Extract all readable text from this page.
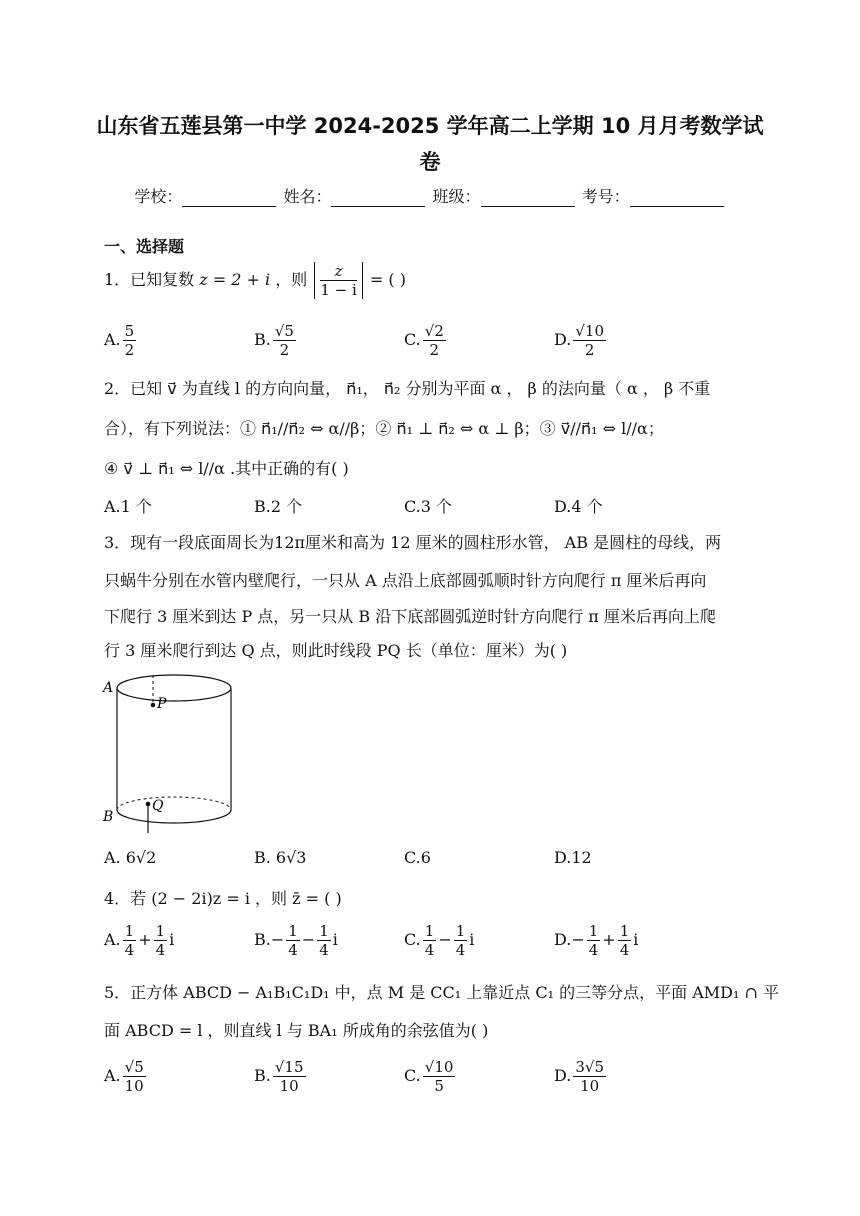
山东省五莲县第一中学 2024-2025 学年高二上学期 10 月月考数学试
卷
学校：	姓名：	班级：	考号：
一、选择题
1．已知复数 z = 2 + i ，则 $\frac{z}{1 - i}$ = ( )
A. $\frac{5}{2}$	B. $\frac{√5}{2}$	C. $\frac{√2}{2}$	D. $\frac{√10}{2}$
2．已知 v⃗ 为直线 l 的方向向量， n⃗₁， n⃗₂ 分别为平面 α ， β 的法向量（ α ， β 不重
合），有下列说法：① n⃗₁//n⃗₂ ⇔ α//β；② n⃗₁ ⊥ n⃗₂ ⇔ α ⊥ β；③ v⃗//n⃗₁ ⇔ l//α；
④ v⃗ ⊥ n⃗₁ ⇔ l//α .其中正确的有( )
A.1 个	B.2 个	C.3 个	D.4 个
3．现有一段底面周长为12π厘米和高为 12 厘米的圆柱形水管， AB 是圆柱的母线，两
只蜗牛分别在水管内壁爬行，一只从 A 点沿上底部圆弧顺时针方向爬行 π 厘米后再向
下爬行 3 厘米到达 P 点，另一只从 B 沿下底部圆弧逆时针方向爬行 π 厘米后再向上爬
行 3 厘米爬行到达 Q 点，则此时线段 PQ 长（单位：厘米）为( )
A
P
Q
B
A. 6√2	B. 6√3	C.6	D.12
4．若 (2 − 2i)z = i ，则 z̄ = ( )
A. $\frac{1}{4} + \frac{1}{4}$ i	$B.- \frac{1}{4} - \frac{1}{4}$ i	C. $\frac{1}{4} - \frac{1}{4}$ i	$D.- \frac{1}{4} + \frac{1}{4}$ i
5．正方体 ABCD − A₁B₁C₁D₁ 中，点 M 是 CC₁ 上靠近点 C₁ 的三等分点，平面 AMD₁ ∩ 平
面 ABCD = l ，则直线 l 与 BA₁ 所成角的余弦值为( )
A. $\frac{√5}{10}$	B. $\frac{√15}{10}$	C. $\frac{√10}{5}$	D. $\frac{3√5}{10}$
